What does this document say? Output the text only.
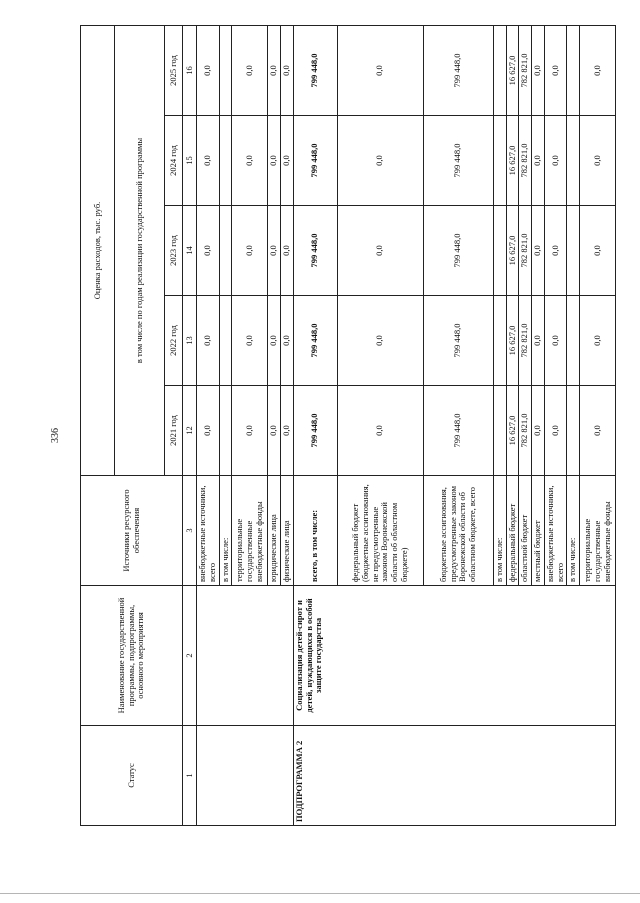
336
Статус	Наименование государственной программы, подпрограммы, основного мероприятия	Источники ресурсного обеспечения	Оценка расходов, тыс. руб.				
			в том числе по годам реализации государственной программы				
			2021 год	2022 год	2023 год	2024 год	2025 год
1	2	3	12	13	14	15	16
		внебюджетные источники, всего	0,0	0,0	0,0	0,0	0,0
		в том числе:					
		территориальные государственные внебюджетные фонды	0,0	0,0	0,0	0,0	0,0
		юридические лица	0,0	0,0	0,0	0,0	0,0
		физические лица	0,0	0,0	0,0	0,0	0,0
ПОДПРОГРАММА 2	Социализация детей-сирот и детей, нуждающихся в особой защите государства	всего, в том числе:	799 448,0	799 448,0	799 448,0	799 448,0	799 448,0
		федеральный бюджет (бюджетные ассигнования, не предусмотренные законом Воронежской области об областном бюджете)	0,0	0,0	0,0	0,0	0,0
		бюджетные ассигнования, предусмотренные законом Воронежской области об областном бюджете, всего	799 448,0	799 448,0	799 448,0	799 448,0	799 448,0
		в том числе:					
		федеральный бюджет	16 627,0	16 627,0	16 627,0	16 627,0	16 627,0
		областной бюджет	782 821,0	782 821,0	782 821,0	782 821,0	782 821,0
		местный бюджет	0,0	0,0	0,0	0,0	0,0
		внебюджетные источники, всего	0,0	0,0	0,0	0,0	0,0
		в том числе:					
		территориальные государственные внебюджетные фонды	0,0	0,0	0,0	0,0	0,0
